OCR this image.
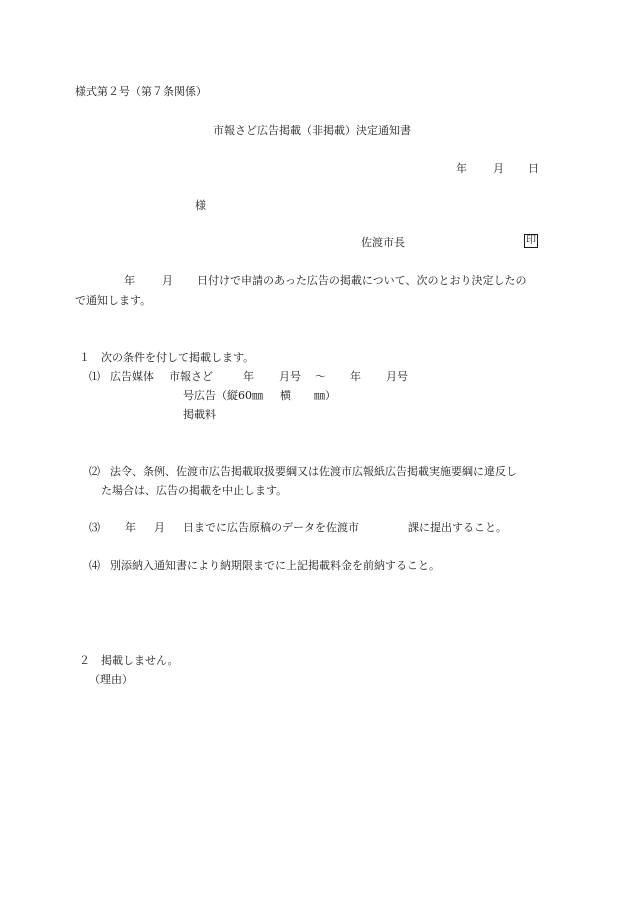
様式第２号（第７条関係）
市報さど広告掲載（非掲載）決定通知書
年 月 日
様
佐渡市長	印
年 月 日付けで申請のあった広告の掲載について、次のとおり決定したの
で通知します。
１　次の条件を付して掲載します。
⑴ 広告媒体 市報さど	年 月号 ～ 年 月号
号広告（縦60㎜ 横 ㎜）
掲載料
⑵ 法令、条例、佐渡市広告掲載取扱要綱又は佐渡市広報紙広告掲載実施要綱に違反し
た場合は、広告の掲載を中止します。
⑶ 年 月 日までに広告原稿のデータを佐渡市	課に提出すること。
⑷ 別添納入通知書により納期限までに上記掲載料金を前納すること。
２　掲載しません。
（理由）
